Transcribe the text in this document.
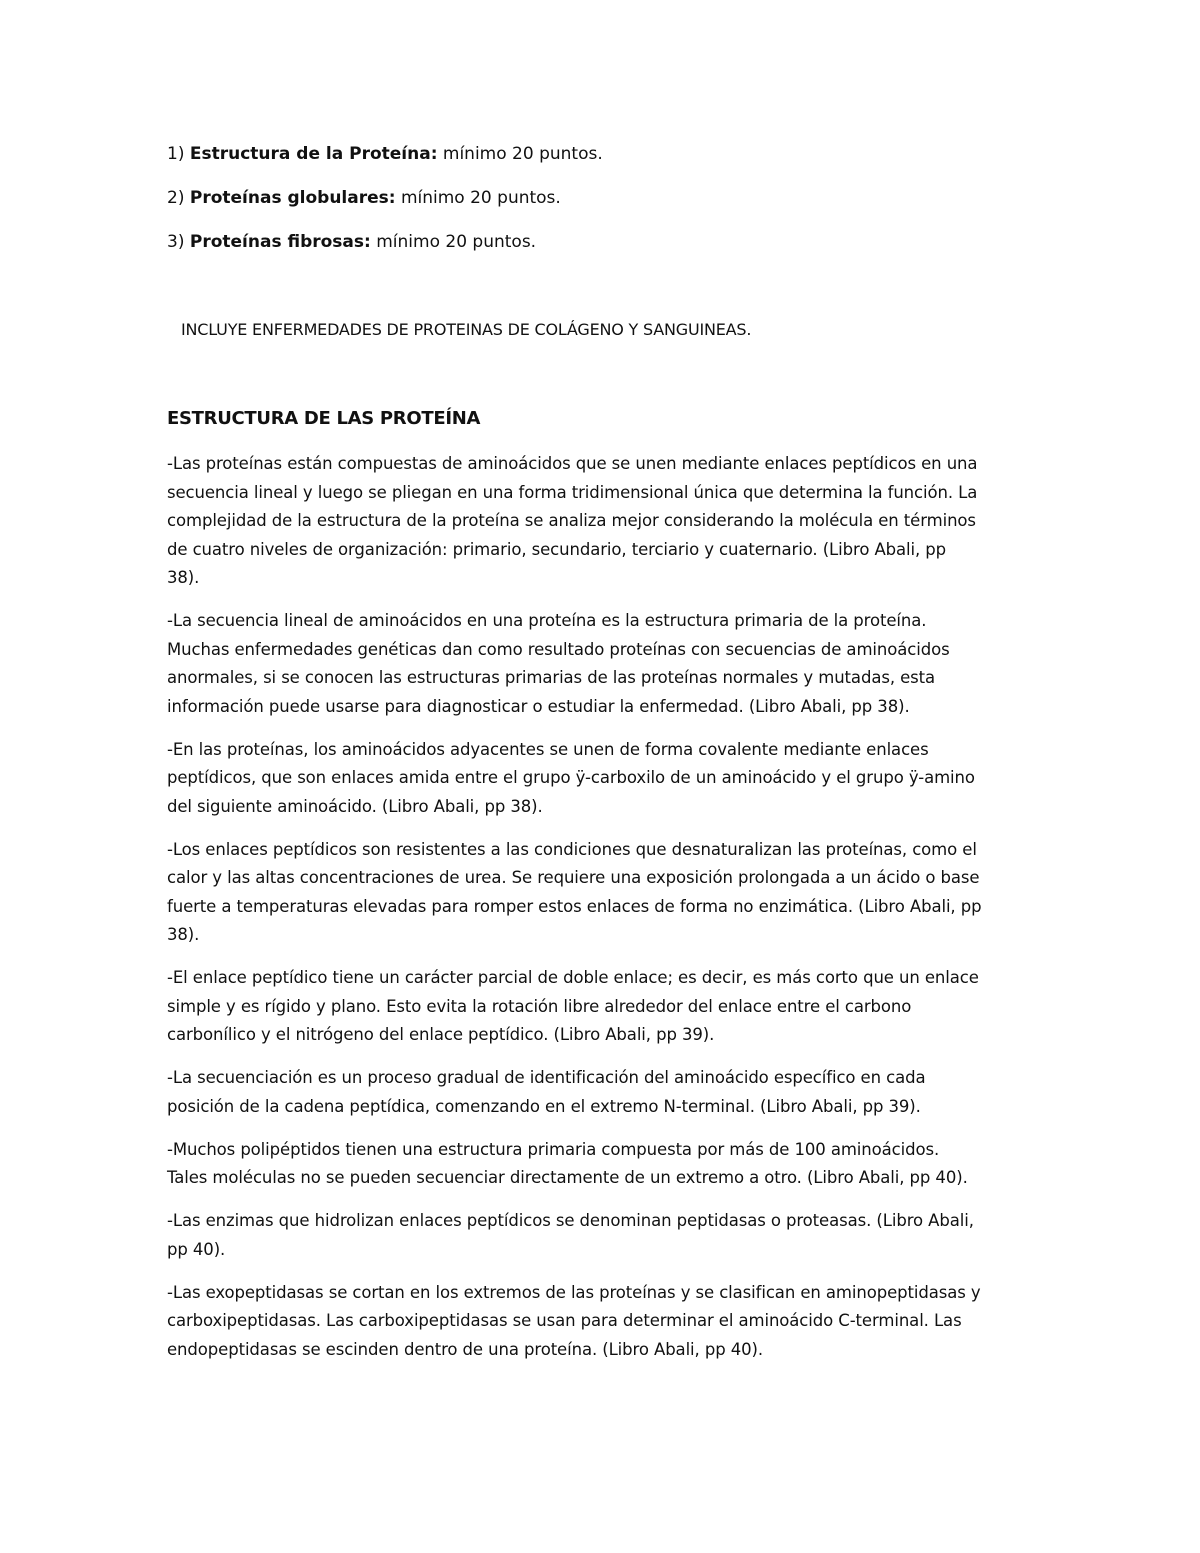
1) Estructura de la Proteína: mínimo 20 puntos.
2) Proteínas globulares: mínimo 20 puntos.
3) Proteínas fibrosas: mínimo 20 puntos.
INCLUYE ENFERMEDADES DE PROTEINAS DE COLÁGENO Y SANGUINEAS.
ESTRUCTURA DE LAS PROTEÍNA

-Las proteínas están compuestas de aminoácidos que se unen mediante enlaces peptídicos en una
secuencia lineal y luego se pliegan en una forma tridimensional única que determina la función. La
complejidad de la estructura de la proteína se analiza mejor considerando la molécula en términos
de cuatro niveles de organización: primario, secundario, terciario y cuaternario. (Libro Abali, pp
38).

-La secuencia lineal de aminoácidos en una proteína es la estructura primaria de la proteína.
Muchas enfermedades genéticas dan como resultado proteínas con secuencias de aminoácidos
anormales, si se conocen las estructuras primarias de las proteínas normales y mutadas, esta
información puede usarse para diagnosticar o estudiar la enfermedad. (Libro Abali, pp 38).

-En las proteínas, los aminoácidos adyacentes se unen de forma covalente mediante enlaces
peptídicos, que son enlaces amida entre el grupo ÿ-carboxilo de un aminoácido y el grupo ÿ-amino
del siguiente aminoácido. (Libro Abali, pp 38).

-Los enlaces peptídicos son resistentes a las condiciones que desnaturalizan las proteínas, como el
calor y las altas concentraciones de urea. Se requiere una exposición prolongada a un ácido o base
fuerte a temperaturas elevadas para romper estos enlaces de forma no enzimática. (Libro Abali, pp
38).

-El enlace peptídico tiene un carácter parcial de doble enlace; es decir, es más corto que un enlace
simple y es rígido y plano. Esto evita la rotación libre alrededor del enlace entre el carbono
carbonílico y el nitrógeno del enlace peptídico. (Libro Abali, pp 39).

-La secuenciación es un proceso gradual de identificación del aminoácido específico en cada
posición de la cadena peptídica, comenzando en el extremo N-terminal. (Libro Abali, pp 39).

-Muchos polipéptidos tienen una estructura primaria compuesta por más de 100 aminoácidos.
Tales moléculas no se pueden secuenciar directamente de un extremo a otro. (Libro Abali, pp 40).

-Las enzimas que hidrolizan enlaces peptídicos se denominan peptidasas o proteasas. (Libro Abali,
pp 40).

-Las exopeptidasas se cortan en los extremos de las proteínas y se clasifican en aminopeptidasas y
carboxipeptidasas. Las carboxipeptidasas se usan para determinar el aminoácido C-terminal. Las
endopeptidasas se escinden dentro de una proteína. (Libro Abali, pp 40).
